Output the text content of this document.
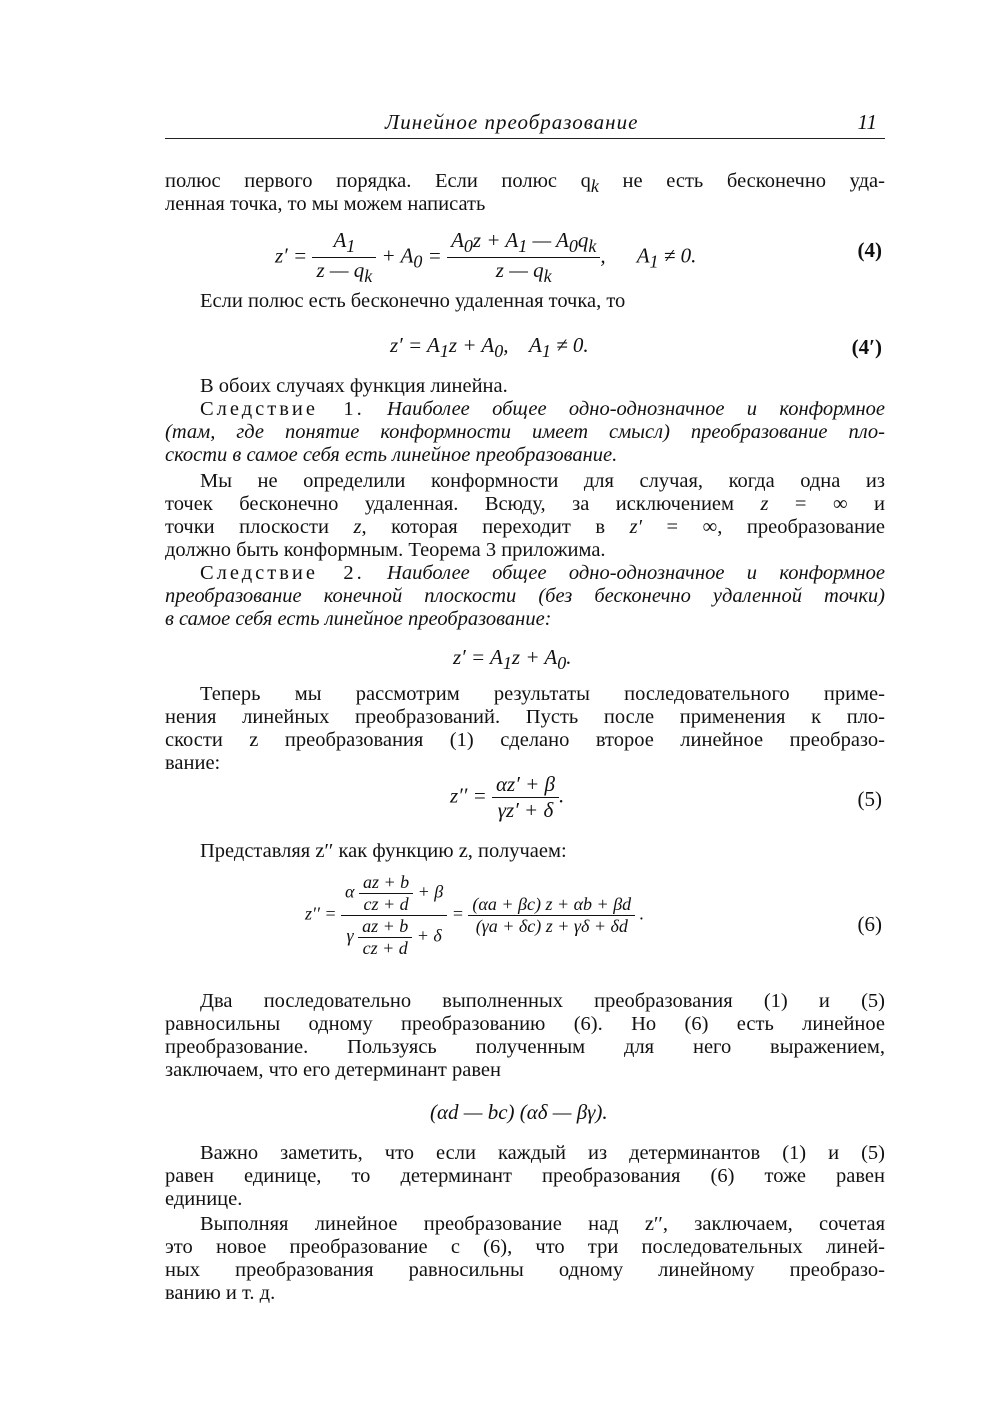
Линейное преобразование	11
полюс первого порядка. Если полюс $q_k$ не есть бесконечно уда-
ленная точка, то мы можем написать
$z' = \frac{A_1}{z — q_k} + A_0 = \frac{A_0z + A_1 — A_0q_k}{z — q_k}$ ,      $A_1 \ne 0$.	(4)
Если полюс есть бесконечно удаленная точка, то
$z' = A_1z + A_0$,    $A_1 \ne 0$.	(4′)
В обоих случаях функция линейна.
Следствие 1. Наиболее общее одно-однозначное и конформное
(там, где понятие конформности имеет смысл) преобразование пло-
скости в самое себя есть линейное преобразование.
Мы не определили конформности для случая, когда одна из
точек бесконечно удаленная. Всюду, за исключением z = ∞ и
точки плоскости z, которая переходит в z′ = ∞, преобразование
должно быть конформным. Теорема 3 приложима.
Следствие 2. Наиболее общее одно-однозначное и конформное
преобразование конечной плоскости (без бесконечно удаленной точки)
в самое себя есть линейное преобразование:
$z' = A_1z + A_0$.
Теперь мы рассмотрим результаты последовательного приме-
нения линейных преобразований. Пусть после применения к пло-
скости z преобразования (1) сделано второе линейное преобразо-
вание:
$z'' = \frac{\alpha z' + \beta}{\gamma z' + \delta}$ .	(5)
Представляя z′′ как функцию z, получаем:
$z'' = \frac{\alpha \frac{az + b}{cz + d} + \beta}{\gamma \frac{az + b}{cz + d} + \delta} = \frac{(\alpha a + \beta c) z + \alpha b + \beta d}{(\gamma a + \delta c) z + \gamma\delta + \delta d}$ .	(6)
Два последовательно выполненных преобразования (1) и (5)
равносильны одному преобразованию (6). Но (6) есть линейное
преобразование. Пользуясь полученным для него выражением,
заключаем, что его детерминант равен
(αd — bc) (αδ — βγ).
Важно заметить, что если каждый из детерминантов (1) и (5)
равен единице, то детерминант преобразования (6) тоже равен
единице.
Выполняя линейное преобразование над z′′, заключаем, сочетая
это новое преобразование с (6), что три последовательных линей-
ных преобразования равносильны одному линейному преобразо-
ванию и т. д.
